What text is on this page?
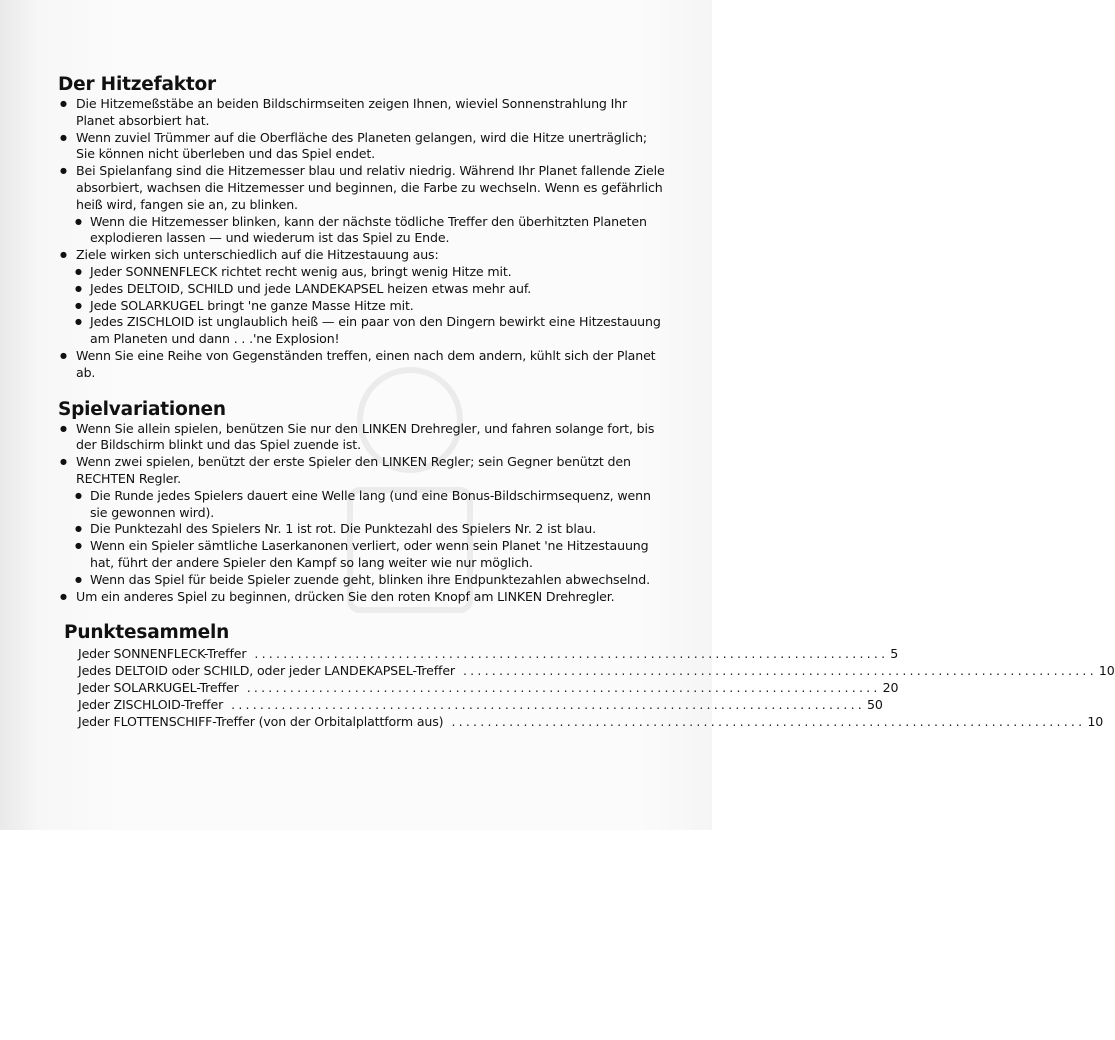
Der Hitzefaktor
● Die Hitzemeßstäbe an beiden Bildschirmseiten zeigen Ihnen, wieviel Sonnenstrahlung Ihr Planet absorbiert hat.
● Wenn zuviel Trümmer auf die Oberfläche des Planeten gelangen, wird die Hitze unerträglich; Sie können nicht überleben und das Spiel endet.
● Bei Spielanfang sind die Hitzemesser blau und relativ niedrig. Während Ihr Planet fallende Ziele absorbiert, wachsen die Hitzemesser und beginnen, die Farbe zu wechseln. Wenn es gefährlich heiß wird, fangen sie an, zu blinken.
● Wenn die Hitzemesser blinken, kann der nächste tödliche Treffer den überhitzten Planeten explodieren lassen — und wiederum ist das Spiel zu Ende.
● Ziele wirken sich unterschiedlich auf die Hitzestauung aus:
● Jeder SONNENFLECK richtet recht wenig aus, bringt wenig Hitze mit.
● Jedes DELTOID, SCHILD und jede LANDEKAPSEL heizen etwas mehr auf.
● Jede SOLARKUGEL bringt 'ne ganze Masse Hitze mit.
● Jedes ZISCHLOID ist unglaublich heiß — ein paar von den Dingern bewirkt eine Hitzestauung am Planeten und dann . . .'ne Explosion!
● Wenn Sie eine Reihe von Gegenständen treffen, einen nach dem andern, kühlt sich der Planet ab.
Spielvariationen
● Wenn Sie allein spielen, benützen Sie nur den LINKEN Drehregler, und fahren solange fort, bis der Bildschirm blinkt und das Spiel zuende ist.
● Wenn zwei spielen, benützt der erste Spieler den LINKEN Regler; sein Gegner benützt den RECHTEN Regler.
● Die Runde jedes Spielers dauert eine Welle lang (und eine Bonus-Bildschirmsequenz, wenn sie gewonnen wird).
● Die Punktezahl des Spielers Nr. 1 ist rot. Die Punktezahl des Spielers Nr. 2 ist blau.
● Wenn ein Spieler sämtliche Laserkanonen verliert, oder wenn sein Planet 'ne Hitzestauung hat, führt der andere Spieler den Kampf so lang weiter wie nur möglich.
● Wenn das Spiel für beide Spieler zuende geht, blinken ihre Endpunktezahlen abwechselnd.
● Um ein anderes Spiel zu beginnen, drücken Sie den roten Knopf am LINKEN Drehregler.
Punktesammeln
Jeder SONNENFLECK-Treffer ........................................................................................ 5
Jedes DELTOID oder SCHILD, oder jeder LANDEKAPSEL-Treffer ........................................................................................ 10
Jeder SOLARKUGEL-Treffer ........................................................................................ 20
Jeder ZISCHLOID-Treffer ........................................................................................ 50
Jeder FLOTTENSCHIFF-Treffer (von der Orbitalplattform aus) ........................................................................................ 10
